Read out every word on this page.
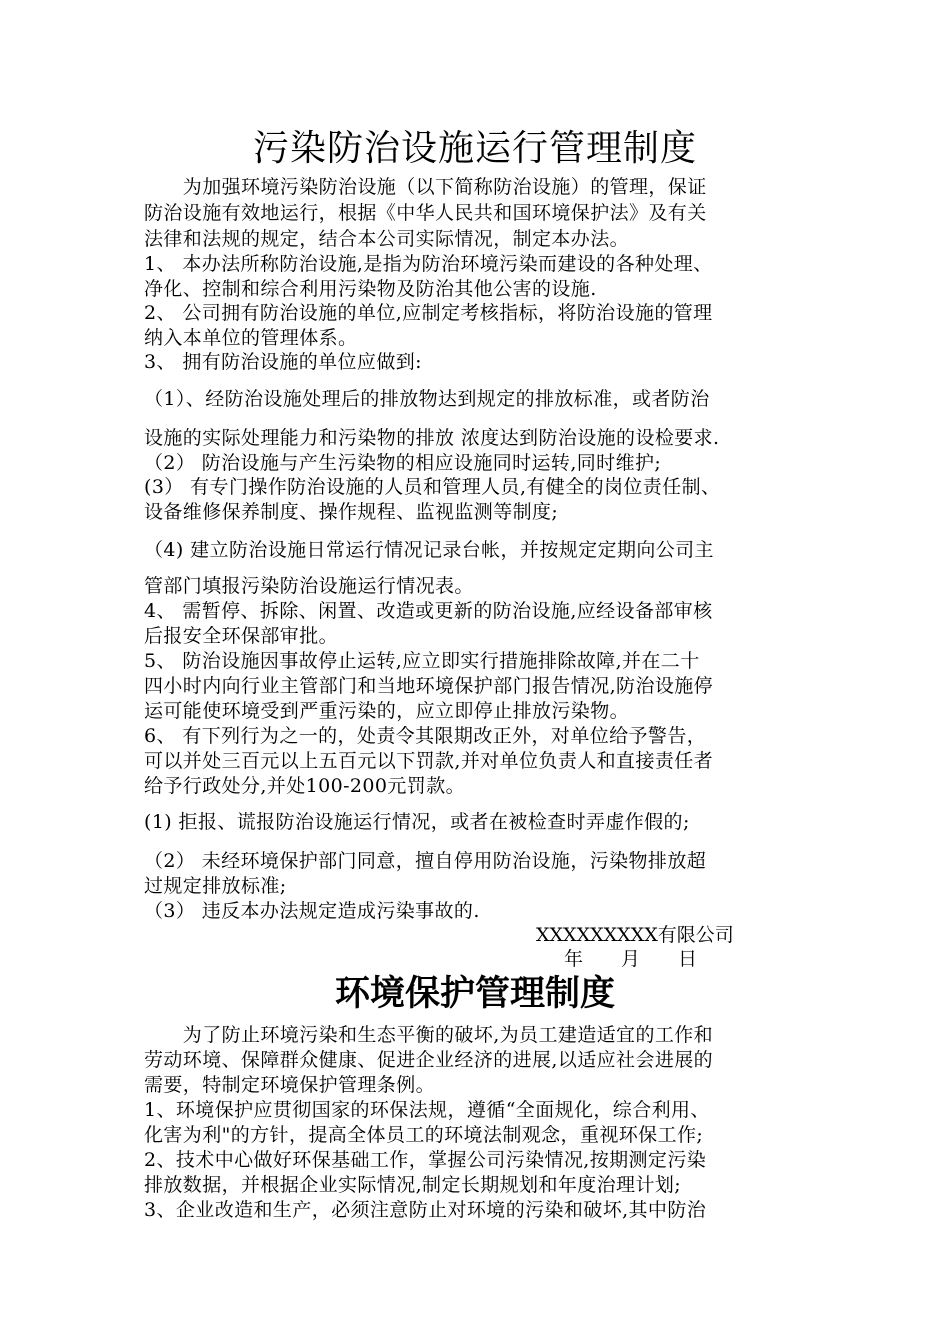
污染防治设施运行管理制度
　　为加强环境污染防治设施（以下简称防治设施）的管理，保证
防治设施有效地运行，根据《中华人民共和国环境保护法》及有关
法律和法规的规定，结合本公司实际情况，制定本办法。
1、 本办法所称防治设施,是指为防治环境污染而建设的各种处理、
净化、控制和综合利用污染物及防治其他公害的设施.
2、 公司拥有防治设施的单位,应制定考核指标，将防治设施的管理
纳入本单位的管理体系。
3、 拥有防治设施的单位应做到:
（1）、经防治设施处理后的排放物达到规定的排放标准，或者防治
设施的实际处理能力和污染物的排放 浓度达到防治设施的设检要求.
（2） 防治设施与产生污染物的相应设施同时运转,同时维护;
(3） 有专门操作防治设施的人员和管理人员,有健全的岗位责任制、
设备维修保养制度、操作规程、监视监测等制度;
（4) 建立防治设施日常运行情况记录台帐，并按规定定期向公司主
管部门填报污染防治设施运行情况表。
4、 需暂停、拆除、闲置、改造或更新的防治设施,应经设备部审核
后报安全环保部审批。
5、 防治设施因事故停止运转,应立即实行措施排除故障,并在二十
四小时内向行业主管部门和当地环境保护部门报告情况,防治设施停
运可能使环境受到严重污染的，应立即停止排放污染物。
6、 有下列行为之一的，处责令其限期改正外，对单位给予警告，
可以并处三百元以上五百元以下罚款,并对单位负责人和直接责任者
给予行政处分,并处100-200元罚款。
(1) 拒报、谎报防治设施运行情况，或者在被检查时弄虚作假的;
（2） 未经环境保护部门同意，擅自停用防治设施，污染物排放超
过规定排放标准;
（3） 违反本办法规定造成污染事故的.
XXXXXXXXX有限公司
年　　月　　日
环境保护管理制度
　　为了防止环境污染和生态平衡的破坏,为员工建造适宜的工作和
劳动环境、保障群众健康、促进企业经济的进展,以适应社会进展的
需要，特制定环境保护管理条例。
1、环境保护应贯彻国家的环保法规，遵循“全面规化，综合利用、
化害为利"的方针，提高全体员工的环境法制观念，重视环保工作;
2、技术中心做好环保基础工作，掌握公司污染情况,按期测定污染
排放数据，并根据企业实际情况,制定长期规划和年度治理计划;
3、企业改造和生产，必须注意防止对环境的污染和破坏,其中防治
